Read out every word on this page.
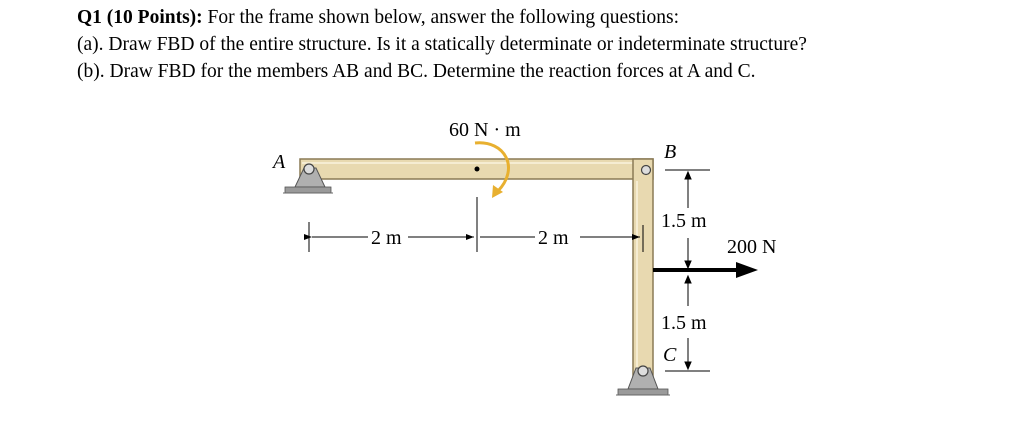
Q1 (10 Points): For the frame shown below, answer the following questions:
(a). Draw FBD of the entire structure. Is it a statically determinate or indeterminate structure?
(b). Draw FBD for the members AB and BC. Determine the reaction forces at A and C.
60 N · m
A	B
C
2 m	2 m
1.5 m
1.5 m
200 N
